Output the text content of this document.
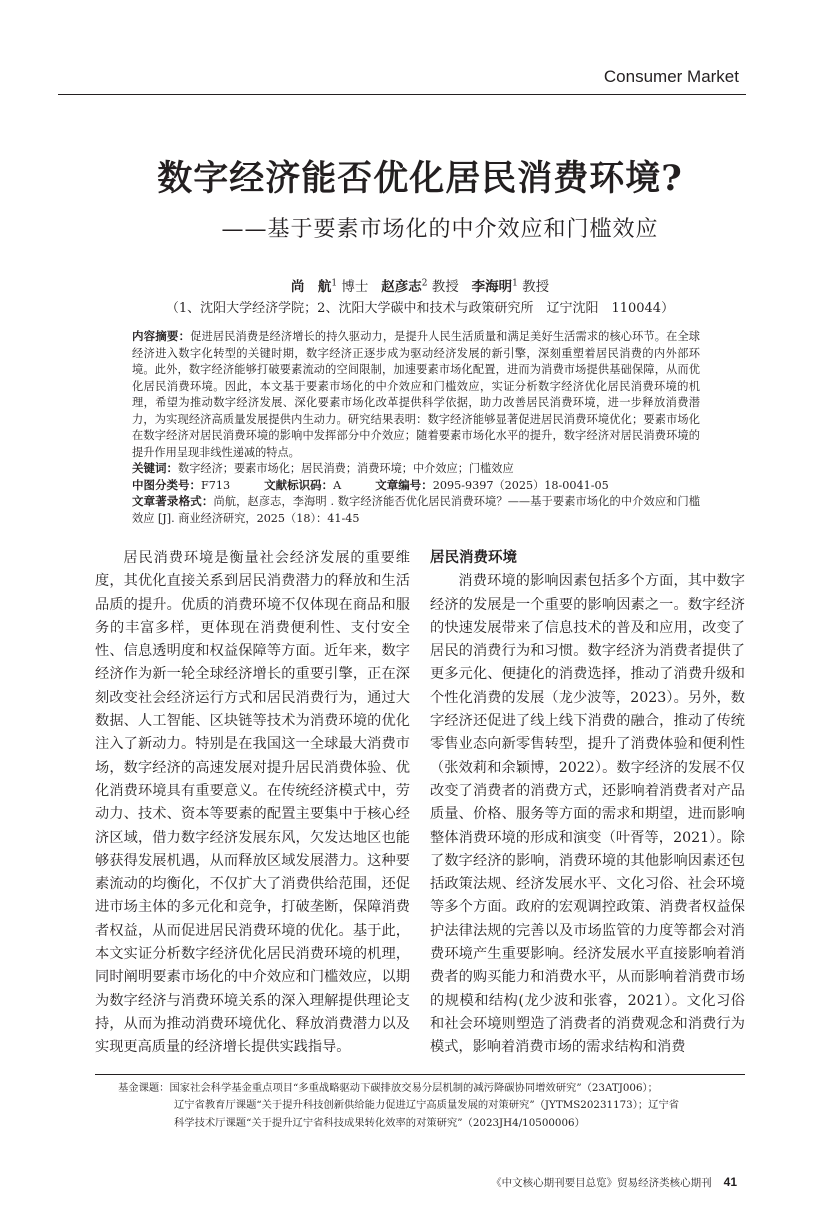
Consumer Market
数字经济能否优化居民消费环境?
——基于要素市场化的中介效应和门槛效应
尚　航$^1$ 博士 赵彦志$^2$ 教授 李海明$^1$ 教授
（1、沈阳大学经济学院；2、沈阳大学碳中和技术与政策研究所　辽宁沈阳　110044）
内容摘要：促进居民消费是经济增长的持久驱动力，是提升人民生活质量和满足美好生活需求的核心环节。在全球经济进入数字化转型的关键时期，数字经济正逐步成为驱动经济发展的新引擎，深刻重塑着居民消费的内外部环境。此外，数字经济能够打破要素流动的空间限制，加速要素市场化配置，进而为消费市场提供基础保障，从而优化居民消费环境。因此，本文基于要素市场化的中介效应和门槛效应，实证分析数字经济优化居民消费环境的机理，希望为推动数字经济发展、深化要素市场化改革提供科学依据，助力改善居民消费环境，进一步释放消费潜力，为实现经济高质量发展提供内生动力。研究结果表明：数字经济能够显著促进居民消费环境优化；要素市场化在数字经济对居民消费环境的影响中发挥部分中介效应；随着要素市场化水平的提升，数字经济对居民消费环境的提升作用呈现非线性递减的特点。
关键词：数字经济；要素市场化；居民消费；消费环境；中介效应；门槛效应
中图分类号：F713	文献标识码：A	文章编号：2095-9397（2025）18-0041-05
文章著录格式：尚航，赵彦志，李海明 . 数字经济能否优化居民消费环境？——基于要素市场化的中介效应和门槛效应 [J]. 商业经济研究，2025（18）：41-45

居民消费环境是衡量社会经济发展的重要维度，其优化直接关系到居民消费潜力的释放和生活品质的提升。优质的消费环境不仅体现在商品和服务的丰富多样，更体现在消费便利性、支付安全性、信息透明度和权益保障等方面。近年来，数字经济作为新一轮全球经济增长的重要引擎，正在深刻改变社会经济运行方式和居民消费行为，通过大数据、人工智能、区块链等技术为消费环境的优化注入了新动力。特别是在我国这一全球最大消费市场，数字经济的高速发展对提升居民消费体验、优化消费环境具有重要意义。在传统经济模式中，劳动力、技术、资本等要素的配置主要集中于核心经济区域，借力数字经济发展东风，欠发达地区也能够获得发展机遇，从而释放区域发展潜力。这种要素流动的均衡化，不仅扩大了消费供给范围，还促进市场主体的多元化和竞争，打破垄断，保障消费者权益，从而促进居民消费环境的优化。基于此，本文实证分析数字经济优化居民消费环境的机理，同时阐明要素市场化的中介效应和门槛效应，以期为数字经济与消费环境关系的深入理解提供理论支持，从而为推动消费环境优化、释放消费潜力以及实现更高质量的经济增长提供实践指导。

居民消费环境

消费环境的影响因素包括多个方面，其中数字经济的发展是一个重要的影响因素之一。数字经济的快速发展带来了信息技术的普及和应用，改变了居民的消费行为和习惯。数字经济为消费者提供了更多元化、便捷化的消费选择，推动了消费升级和个性化消费的发展（龙少波等，2023）。另外，数字经济还促进了线上线下消费的融合，推动了传统零售业态向新零售转型，提升了消费体验和便利性（张效莉和余颖博，2022）。数字经济的发展不仅改变了消费者的消费方式，还影响着消费者对产品质量、价格、服务等方面的需求和期望，进而影响整体消费环境的形成和演变（叶胥等，2021）。除了数字经济的影响，消费环境的其他影响因素还包括政策法规、经济发展水平、文化习俗、社会环境等多个方面。政府的宏观调控政策、消费者权益保护法律法规的完善以及市场监管的力度等都会对消费环境产生重要影响。经济发展水平直接影响着消费者的购买能力和消费水平，从而影响着消费市场的规模和结构(龙少波和张睿，2021）。文化习俗和社会环境则塑造了消费者的消费观念和消费行为模式，影响着消费市场的需求结构和消费

基金课题：国家社会科学基金重点项目“多重战略驱动下碳排放交易分层机制的减污降碳协同增效研究”（23ATJ006）；
辽宁省教育厅课题“关于提升科技创新供给能力促进辽宁高质量发展的对策研究”（JYTMS20231173）；辽宁省
科学技术厅课题“关于提升辽宁省科技成果转化效率的对策研究”（2023JH4/10500006）
《中文核心期刊要目总览》贸易经济类核心期刊 41
